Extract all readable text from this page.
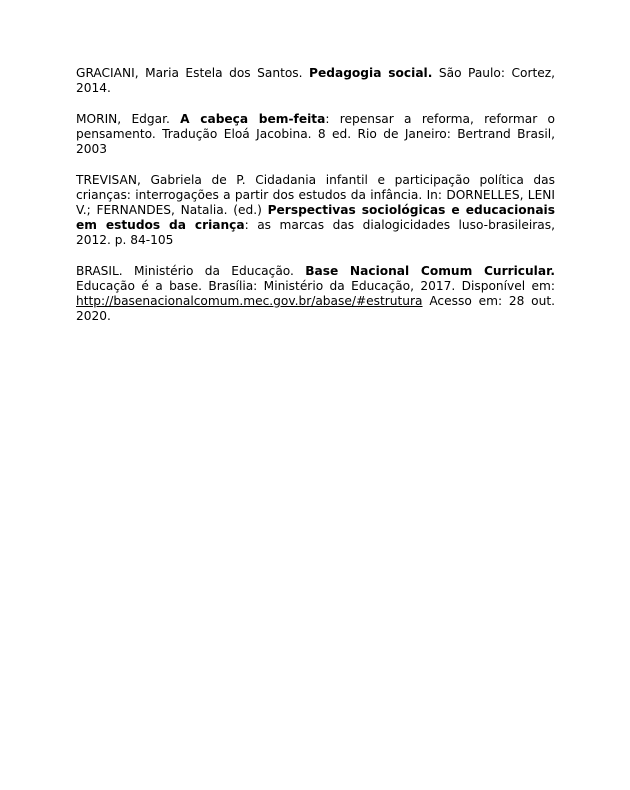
GRACIANI, Maria Estela dos Santos. Pedagogia social. São Paulo: Cortez, 2014.

MORIN, Edgar. A cabeça bem-feita: repensar a reforma, reformar o pensamento. Tradução Eloá Jacobina. 8 ed. Rio de Janeiro: Bertrand Brasil, 2003

TREVISAN, Gabriela de P. Cidadania infantil e participação política das crianças: interrogações a partir dos estudos da infância. In: DORNELLES, LENI V.; FERNANDES, Natalia. (ed.) Perspectivas sociológicas e educacionais em estudos da criança: as marcas das dialogicidades luso-brasileiras, 2012. p. 84-105

BRASIL. Ministério da Educação. Base Nacional Comum Curricular. Educação é a base. Brasília: Ministério da Educação, 2017. Disponível em: http://basenacionalcomum.mec.gov.br/abase/#estrutura Acesso em: 28 out. 2020.
